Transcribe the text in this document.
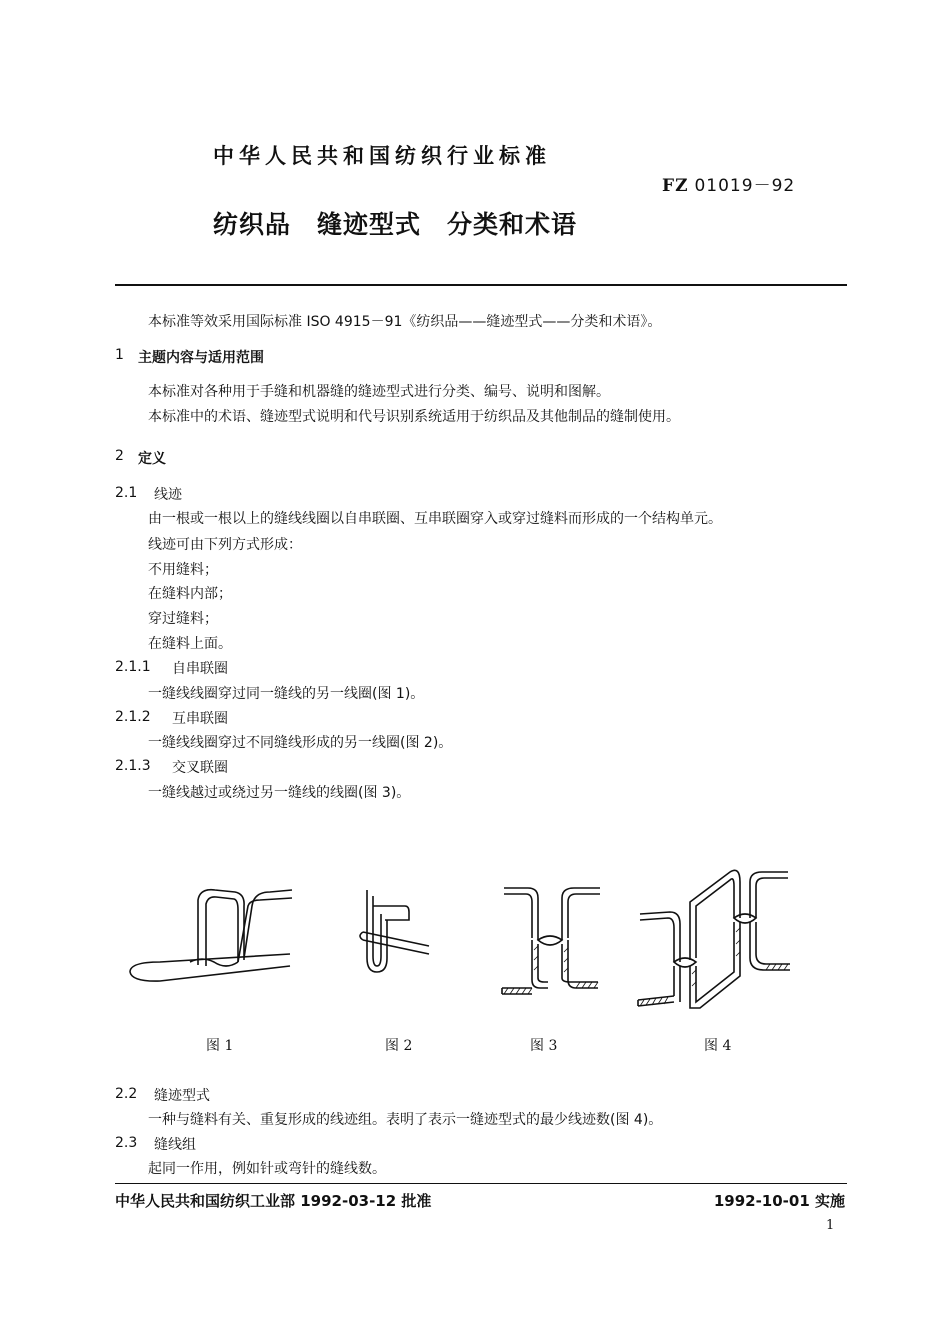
中华人民共和国纺织行业标准
FZ 01019－92
纺织品　缝迹型式　分类和术语
本标准等效采用国际标准 ISO 4915－91《纺织品——缝迹型式——分类和术语》。
1 主题内容与适用范围
本标准对各种用于手缝和机器缝的缝迹型式进行分类、编号、说明和图解。
本标准中的术语、缝迹型式说明和代号识别系统适用于纺织品及其他制品的缝制使用。
2 定义
2.1 线迹
由一根或一根以上的缝线线圈以自串联圈、互串联圈穿入或穿过缝料而形成的一个结构单元。
线迹可由下列方式形成：
不用缝料；
在缝料内部；
穿过缝料；
在缝料上面。
2.1.1 自串联圈
一缝线线圈穿过同一缝线的另一线圈(图 1)。
2.1.2 互串联圈
一缝线线圈穿过不同缝线形成的另一线圈(图 2)。
2.1.3 交叉联圈
一缝线越过或绕过另一缝线的线圈(图 3)。
图 1	图 2	图 3	图 4
2.2 缝迹型式
一种与缝料有关、重复形成的线迹组。表明了表示一缝迹型式的最少线迹数(图 4)。
2.3 缝线组
起同一作用，例如针或弯针的缝线数。
中华人民共和国纺织工业部 1992-03-12 批准	1992-10-01 实施
1
